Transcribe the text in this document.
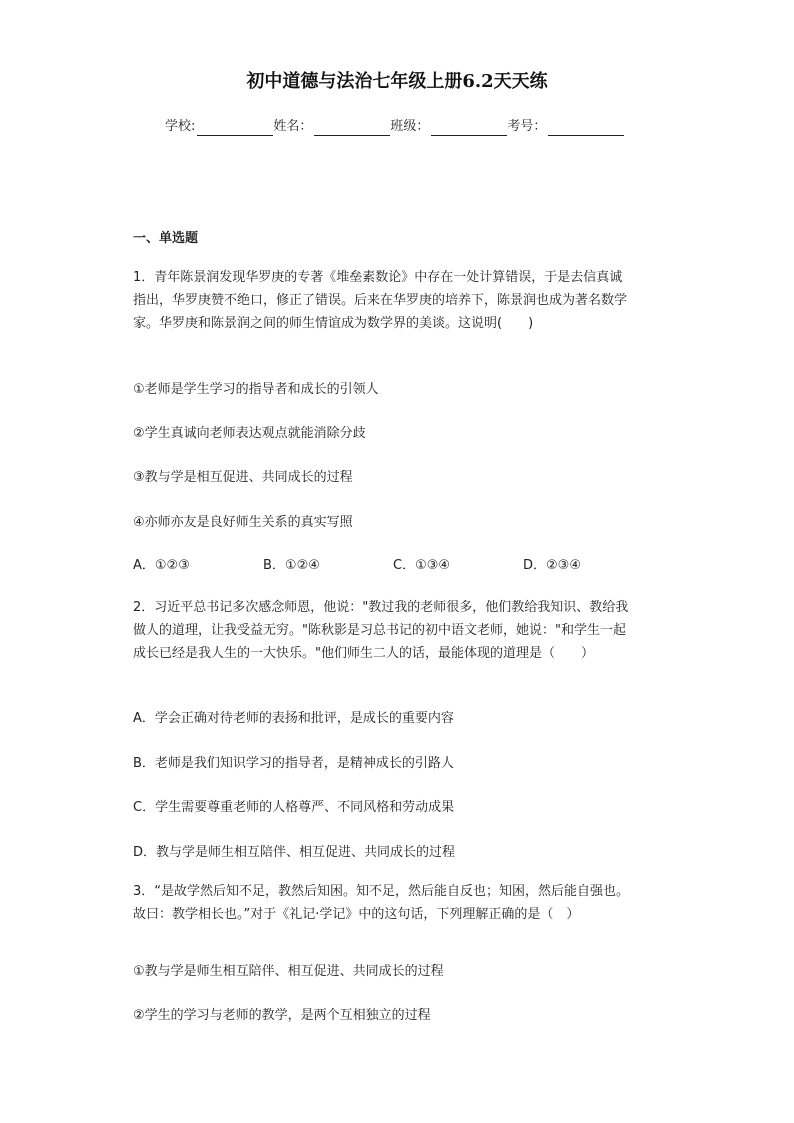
初中道德与法治七年级上册6.2天天练
学校:	姓名：	班级：	考号：
一、单选题
1．青年陈景润发现华罗庚的专著《堆垒素数论》中存在一处计算错误，于是去信真诚
指出，华罗庚赞不绝口，修正了错误。后来在华罗庚的培养下，陈景润也成为著名数学
家。华罗庚和陈景润之间的师生情谊成为数学界的美谈。这说明(　　)
①老师是学生学习的指导者和成长的引领人
②学生真诚向老师表达观点就能消除分歧
③教与学是相互促进、共同成长的过程
④亦师亦友是良好师生关系的真实写照
A．①②③	B．①②④	C．①③④	D．②③④
2．习近平总书记多次感念师恩，他说："教过我的老师很多，他们教给我知识、教给我
做人的道理，让我受益无穷。"陈秋影是习总书记的初中语文老师，她说："和学生一起
成长已经是我人生的一大快乐。"他们师生二人的话，最能体现的道理是（　　）
A．学会正确对待老师的表扬和批评，是成长的重要内容
B．老师是我们知识学习的指导者，是精神成长的引路人
C．学生需要尊重老师的人格尊严、不同风格和劳动成果
D．教与学是师生相互陪伴、相互促进、共同成长的过程
3．“是故学然后知不足，教然后知困。知不足，然后能自反也；知困，然后能自强也。
故曰：教学相长也。”对于《礼记·学记》中的这句话，下列理解正确的是（　）
①教与学是师生相互陪伴、相互促进、共同成长的过程
②学生的学习与老师的教学，是两个互相独立的过程
